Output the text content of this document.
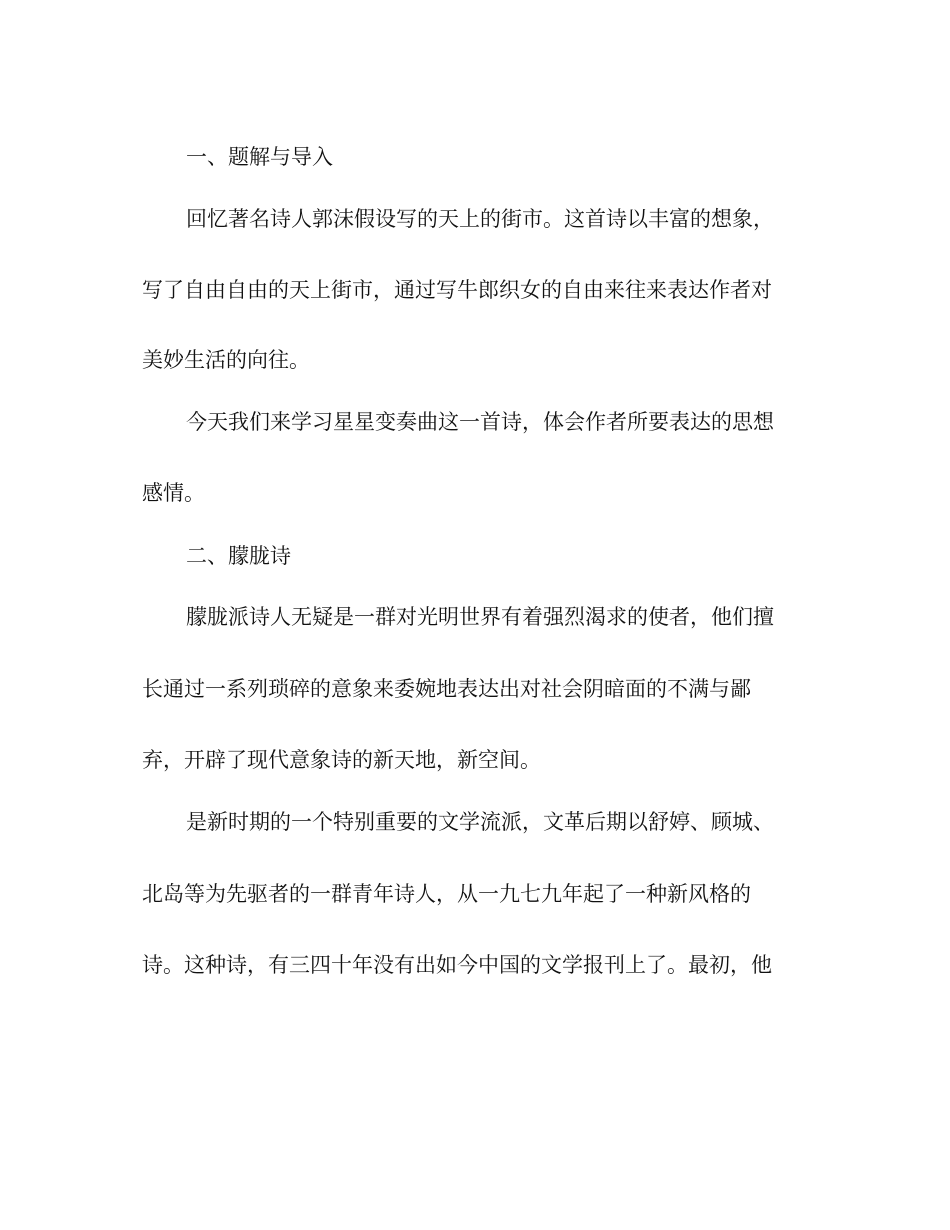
一、题解与导入
回忆著名诗人郭沫假设写的天上的街市。这首诗以丰富的想象，
写了自由自由的天上街市，通过写牛郎织女的自由来往来表达作者对
美妙生活的向往。
今天我们来学习星星变奏曲这一首诗，体会作者所要表达的思想
感情。
二、朦胧诗
朦胧派诗人无疑是一群对光明世界有着强烈渴求的使者，他们擅
长通过一系列琐碎的意象来委婉地表达出对社会阴暗面的不满与鄙
弃，开辟了现代意象诗的新天地，新空间。
是新时期的一个特别重要的文学流派，文革后期以舒婷、顾城、
北岛等为先驱者的一群青年诗人，从一九七九年起了一种新风格的
诗。这种诗，有三四十年没有出如今中国的文学报刊上了。最初，他
